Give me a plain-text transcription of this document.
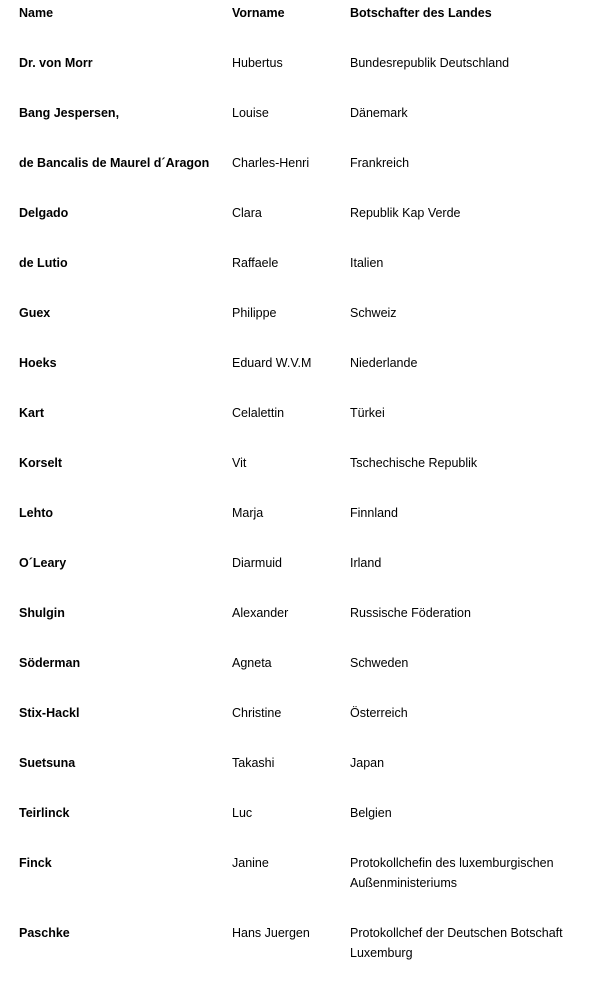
Name	Vorname	Botschafter des Landes
Dr. von Morr	Hubertus	Bundesrepublik Deutschland
Bang Jespersen,	Louise	Dänemark
de Bancalis de Maurel d´Aragon	Charles-Henri	Frankreich
Delgado	Clara	Republik Kap Verde
de Lutio	Raffaele	Italien
Guex	Philippe	Schweiz
Hoeks	Eduard W.V.M	Niederlande
Kart	Celalettin	Türkei
Korselt	Vit	Tschechische Republik
Lehto	Marja	Finnland
O´Leary	Diarmuid	Irland
Shulgin	Alexander	Russische Föderation
Söderman	Agneta	Schweden
Stix-Hackl	Christine	Österreich
Suetsuna	Takashi	Japan
Teirlinck	Luc	Belgien
Finck	Janine	Protokollchefin des luxemburgischen Außenministeriums
Paschke	Hans Juergen	Protokollchef der Deutschen Botschaft Luxemburg
